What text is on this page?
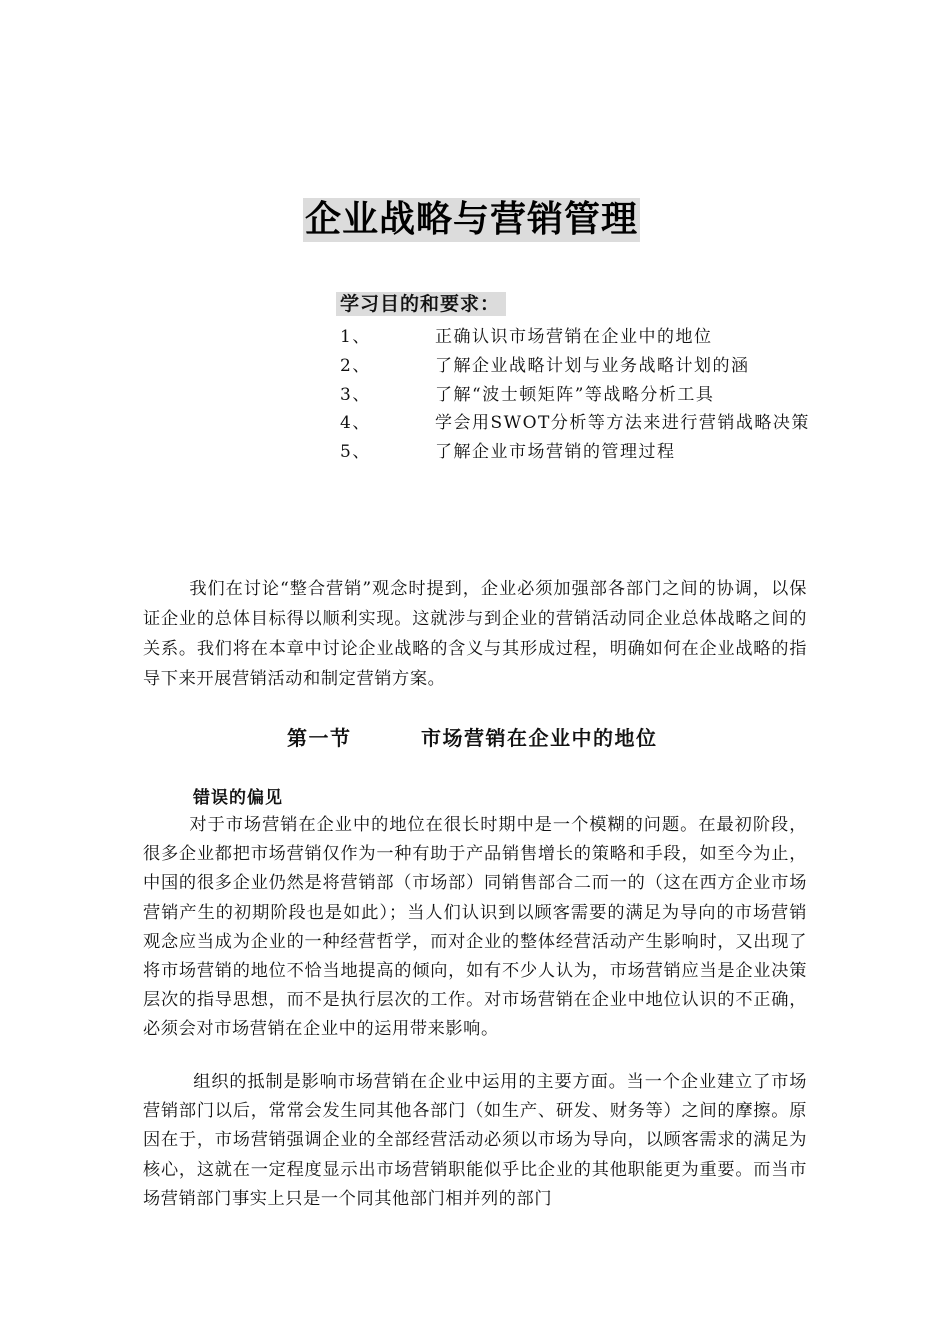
企业战略与营销管理
学习目的和要求：
1、	正确认识市场营销在企业中的地位
2、	了解企业战略计划与业务战略计划的涵
3、	了解“波士顿矩阵”等战略分析工具
4、	学会用SWOT分析等方法来进行营销战略决策
5、	了解企业市场营销的管理过程

我们在讨论“整合营销”观念时提到，企业必须加强部各部门之间的协调，以保证企业的总体目标得以顺利实现。这就涉与到企业的营销活动同企业总体战略之间的关系。我们将在本章中讨论企业战略的含义与其形成过程，明确如何在企业战略的指导下来开展营销活动和制定营销方案。

第一节	市场营销在企业中的地位
错误的偏见

对于市场营销在企业中的地位在很长时期中是一个模糊的问题。在最初阶段，很多企业都把市场营销仅作为一种有助于产品销售增长的策略和手段，如至今为止，中国的很多企业仍然是将营销部（市场部）同销售部合二而一的（这在西方企业市场营销产生的初期阶段也是如此）；当人们认识到以顾客需要的满足为导向的市场营销观念应当成为企业的一种经营哲学，而对企业的整体经营活动产生影响时，又出现了将市场营销的地位不恰当地提高的倾向，如有不少人认为，市场营销应当是企业决策层次的指导思想，而不是执行层次的工作。对市场营销在企业中地位认识的不正确，必须会对市场营销在企业中的运用带来影响。

组织的抵制是影响市场营销在企业中运用的主要方面。当一个企业建立了市场营销部门以后，常常会发生同其他各部门（如生产、研发、财务等）之间的摩擦。原因在于，市场营销强调企业的全部经营活动必须以市场为导向，以顾客需求的满足为核心，这就在一定程度显示出市场营销职能似乎比企业的其他职能更为重要。而当市场营销部门事实上只是一个同其他部门相并列的部门
